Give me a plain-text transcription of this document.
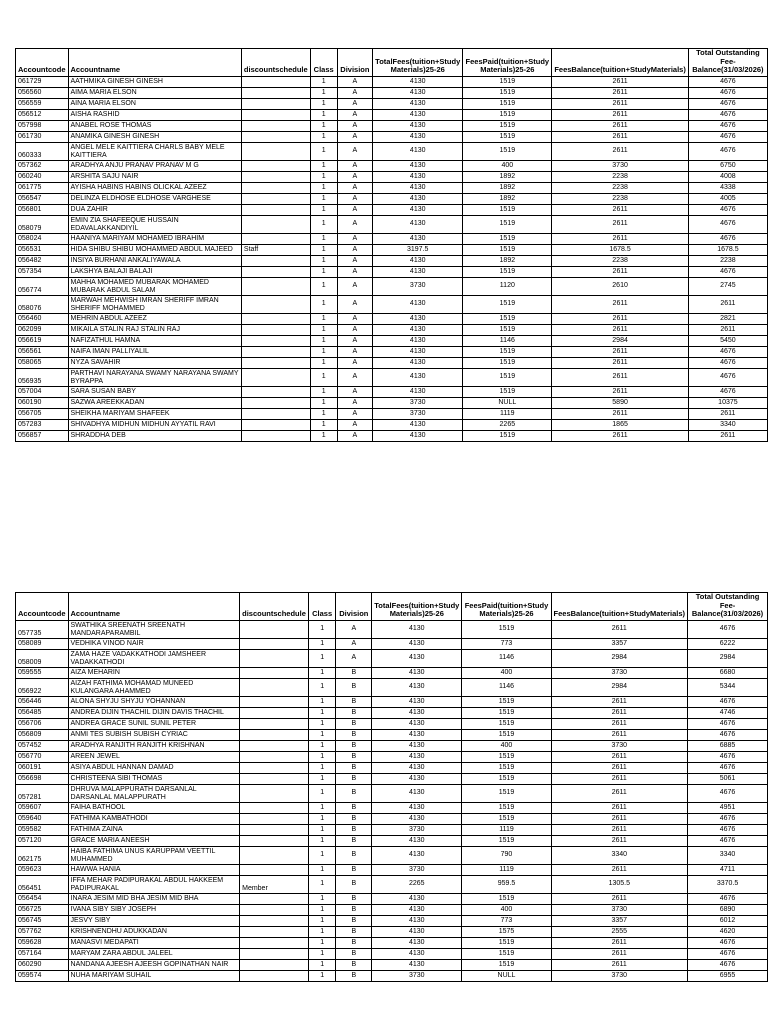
Accountcode	Accountname	discountschedule	Class	Division	TotalFees(tuition+Study Materials)25-26	FeesPaid(tuition+Study Materials)25-26	FeesBalance(tuition+StudyMaterials)	Total Outstanding Fee-Balance(31/03/2026)
061729	AATHMIKA GINESH GINESH		1	A	4130	1519	2611	4676
056560	AIMA MARIA ELSON		1	A	4130	1519	2611	4676
056559	AINA MARIA ELSON		1	A	4130	1519	2611	4676
056512	AISHA RASHID		1	A	4130	1519	2611	4676
057998	ANABEL ROSE THOMAS		1	A	4130	1519	2611	4676
061730	ANAMIKA GINESH GINESH		1	A	4130	1519	2611	4676
060333	ANGEL MELE KAITTIERA CHARLS BABY MELE KAITTIERA		1	A	4130	1519	2611	4676
057362	ARADHYA ANJU PRANAV PRANAV M G		1	A	4130	400	3730	6750
060240	ARSHITA SAJU NAIR		1	A	4130	1892	2238	4008
061775	AYISHA HABINS HABINS OLICKAL AZEEZ		1	A	4130	1892	2238	4338
056547	DELINZA ELDHOSE ELDHOSE VARGHESE		1	A	4130	1892	2238	4005
056801	DUA ZAHIR		1	A	4130	1519	2611	4676
058079	EMIN ZIA SHAFEEQUE HUSSAIN EDAVALAKKANDIYIL		1	A	4130	1519	2611	4676
058024	HAANIYA MARIYAM MOHAMED IBRAHIM		1	A	4130	1519	2611	4676
056531	HIDA SHIBU SHIBU MOHAMMED ABDUL MAJEED	Staff	1	A	3197.5	1519	1678.5	1678.5
056482	INSIYA BURHANI ANKALIYAWALA		1	A	4130	1892	2238	2238
057354	LAKSHYA BALAJI BALAJI		1	A	4130	1519	2611	4676
056774	MAHHA MOHAMED MUBARAK MOHAMED MUBARAK ABDUL SALAM		1	A	3730	1120	2610	2745
058076	MARWAH MEHWISH IMRAN SHERIFF IMRAN SHERIFF MOHAMMED		1	A	4130	1519	2611	2611
056460	MEHRIN ABDUL AZEEZ		1	A	4130	1519	2611	2821
062099	MIKAILA STALIN RAJ STALIN RAJ		1	A	4130	1519	2611	2611
056619	NAFIZATHUL HAMNA		1	A	4130	1146	2984	5450
056561	NAIFA IMAN PALLIYALIL		1	A	4130	1519	2611	4676
058065	NYZA SAVAHIR		1	A	4130	1519	2611	4676
056935	PARTHAVI NARAYANA SWAMY NARAYANA SWAMY BYRAPPA		1	A	4130	1519	2611	4676
057004	SARA SUSAN BABY		1	A	4130	1519	2611	4676
060190	SAZWA AREEKKADAN		1	A	3730	NULL	5890	10375
056705	SHEIKHA MARIYAM SHAFEEK		1	A	3730	1119	2611	2611
057283	SHIVADHYA MIDHUN MIDHUN AYYATIL RAVI		1	A	4130	2265	1865	3340
056857	SHRADDHA DEB		1	A	4130	1519	2611	2611
Accountcode	Accountname	discountschedule	Class	Division	TotalFees(tuition+Study Materials)25-26	FeesPaid(tuition+Study Materials)25-26	FeesBalance(tuition+StudyMaterials)	Total Outstanding Fee-Balance(31/03/2026)
057735	SWATHIKA SREENATH SREENATH MANDARAPARAMBIL		1	A	4130	1519	2611	4676
058089	VEDHIKA VINOD NAIR		1	A	4130	773	3357	6222
058009	ZAMA HAZE VADAKKATHODI JAMSHEER VADAKKATHODI		1	A	4130	1146	2984	2984
059555	AIZA MEHARIN		1	B	4130	400	3730	6680
056922	AIZAH FATHIMA MOHAMAD MUNEED KULANGARA AHAMMED		1	B	4130	1146	2984	5344
056446	ALONA SHYJU SHYJU YOHANNAN		1	B	4130	1519	2611	4676
056485	ANDREA DIJIN THACHIL DIJIN DAVIS THACHIL		1	B	4130	1519	2611	4746
056706	ANDREA GRACE SUNIL SUNIL PETER		1	B	4130	1519	2611	4676
056809	ANMI TES SUBISH SUBISH CYRIAC		1	B	4130	1519	2611	4676
057452	ARADHYA RANJITH RANJITH KRISHNAN		1	B	4130	400	3730	6885
056770	AREEN JEWEL		1	B	4130	1519	2611	4676
060191	ASIYA ABDUL HANNAN DAMAD		1	B	4130	1519	2611	4676
056698	CHRISTEENA SIBI THOMAS		1	B	4130	1519	2611	5061
057281	DHRUVA MALAPPURATH DARSANLAL DARSANLAL MALAPPURATH		1	B	4130	1519	2611	4676
059607	FAIHA BATHOOL		1	B	4130	1519	2611	4951
059640	FATHIMA KAMBATHODI		1	B	4130	1519	2611	4676
059582	FATHIMA ZAINA		1	B	3730	1119	2611	4676
057120	GRACE MARIA ANEESH		1	B	4130	1519	2611	4676
062175	HAIBA FATHIMA UNUS KARUPPAM VEETTIL MUHAMMED		1	B	4130	790	3340	3340
059623	HAWWA HANIA		1	B	3730	1119	2611	4711
056451	IFFA MEHAR PADIPURAKAL ABDUL HAKKEEM PADIPURAKAL	Member	1	B	2265	959.5	1305.5	3370.5
056454	INARA JESIM MID BHA JESIM MID BHA		1	B	4130	1519	2611	4676
056725	IVANA SIBY SIBY JOSEPH		1	B	4130	400	3730	6890
056745	JESVY SIBY		1	B	4130	773	3357	6012
057762	KRISHNENDHU ADUKKADAN		1	B	4130	1575	2555	4620
059628	MANASVI MEDAPATI		1	B	4130	1519	2611	4676
057164	MARYAM ZARA ABDUL JALEEL		1	B	4130	1519	2611	4676
060290	NANDANA AJEESH AJEESH GOPINATHAN NAIR		1	B	4130	1519	2611	4676
059574	NUHA MARIYAM SUHAIL		1	B	3730	NULL	3730	6955
